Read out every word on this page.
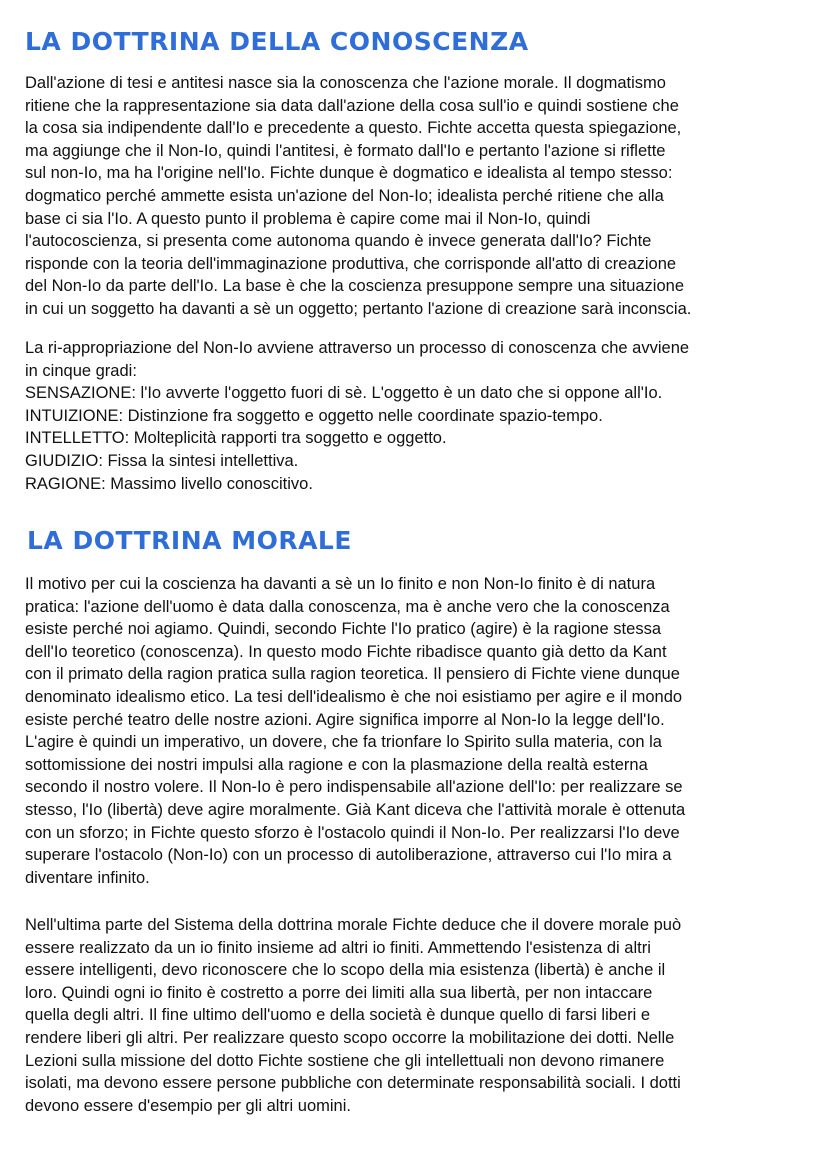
LA DOTTRINA DELLA CONOSCENZA

Dall'azione di tesi e antitesi nasce sia la conoscenza che l'azione morale. Il dogmatismo
ritiene che la rappresentazione sia data dall'azione della cosa sull'io e quindi sostiene che
la cosa sia indipendente dall'Io e precedente a questo. Fichte accetta questa spiegazione,
ma aggiunge che il Non-Io, quindi l'antitesi, è formato dall'Io e pertanto l'azione si riflette
sul non-Io, ma ha l'origine nell'Io. Fichte dunque è dogmatico e idealista al tempo stesso:
dogmatico perché ammette esista un'azione del Non-Io; idealista perché ritiene che alla
base ci sia l'Io. A questo punto il problema è capire come mai il Non-Io, quindi
l'autocoscienza, si presenta come autonoma quando è invece generata dall'Io? Fichte
risponde con la teoria dell'immaginazione produttiva, che corrisponde all'atto di creazione
del Non-Io da parte dell'Io. La base è che la coscienza presuppone sempre una situazione
in cui un soggetto ha davanti a sè un oggetto; pertanto l'azione di creazione sarà inconscia.

La ri-appropriazione del Non-Io avviene attraverso un processo di conoscenza che avviene
in cinque gradi:
SENSAZIONE: l'Io avverte l'oggetto fuori di sè. L'oggetto è un dato che si oppone all'Io.
INTUIZIONE: Distinzione fra soggetto e oggetto nelle coordinate spazio-tempo.
INTELLETTO: Molteplicità rapporti tra soggetto e oggetto.
GIUDIZIO: Fissa la sintesi intellettiva.
RAGIONE: Massimo livello conoscitivo.

LA DOTTRINA MORALE

Il motivo per cui la coscienza ha davanti a sè un Io finito e non Non-Io finito è di natura
pratica: l'azione dell'uomo è data dalla conoscenza, ma è anche vero che la conoscenza
esiste perché noi agiamo. Quindi, secondo Fichte l'Io pratico (agire) è la ragione stessa
dell'Io teoretico (conoscenza). In questo modo Fichte ribadisce quanto già detto da Kant
con il primato della ragion pratica sulla ragion teoretica. Il pensiero di Fichte viene dunque
denominato idealismo etico. La tesi dell'idealismo è che noi esistiamo per agire e il mondo
esiste perché teatro delle nostre azioni. Agire significa imporre al Non-Io la legge dell'Io.
L'agire è quindi un imperativo, un dovere, che fa trionfare lo Spirito sulla materia, con la
sottomissione dei nostri impulsi alla ragione e con la plasmazione della realtà esterna
secondo il nostro volere. Il Non-Io è pero indispensabile all'azione dell'Io: per realizzare se
stesso, l'Io (libertà) deve agire moralmente. Già Kant diceva che l'attività morale è ottenuta
con un sforzo; in Fichte questo sforzo è l'ostacolo quindi il Non-Io. Per realizzarsi l'Io deve
superare l'ostacolo (Non-Io) con un processo di autoliberazione, attraverso cui l'Io mira a
diventare infinito.

Nell'ultima parte del Sistema della dottrina morale Fichte deduce che il dovere morale può
essere realizzato da un io finito insieme ad altri io finiti. Ammettendo l'esistenza di altri
essere intelligenti, devo riconoscere che lo scopo della mia esistenza (libertà) è anche il
loro. Quindi ogni io finito è costretto a porre dei limiti alla sua libertà, per non intaccare
quella degli altri. Il fine ultimo dell'uomo e della società è dunque quello di farsi liberi e
rendere liberi gli altri. Per realizzare questo scopo occorre la mobilitazione dei dotti. Nelle
Lezioni sulla missione del dotto Fichte sostiene che gli intellettuali non devono rimanere
isolati, ma devono essere persone pubbliche con determinate responsabilità sociali. I dotti
devono essere d'esempio per gli altri uomini.
